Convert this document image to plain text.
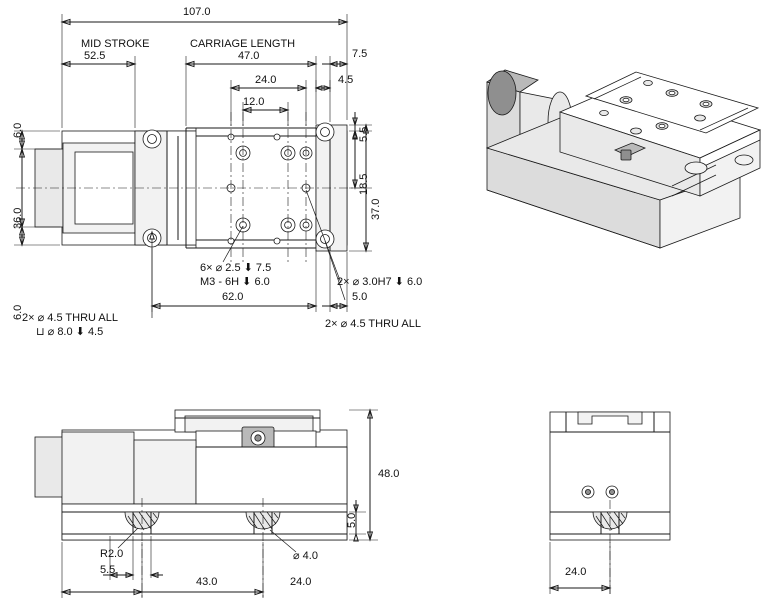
107.0
MID STROKE
52.5
CARRIAGE LENGTH
47.0	7.5
24.0	4.5
12.0
5.5
18.5
37.0
6.0
36.0
6.0
62.0	5.0
6× ⌀ 2.5 ⬇ 7.5
M3 - 6H ⬇ 6.0	2× ⌀ 3.0H7 ⬇ 6.0
2× ⌀ 4.5 THRU ALL
⊔ ⌀ 8.0 ⬇ 4.5
2× ⌀ 4.5 THRU ALL
48.0
5.0
R2.0
5.5
43.0	24.0
⌀ 4.0
24.0
